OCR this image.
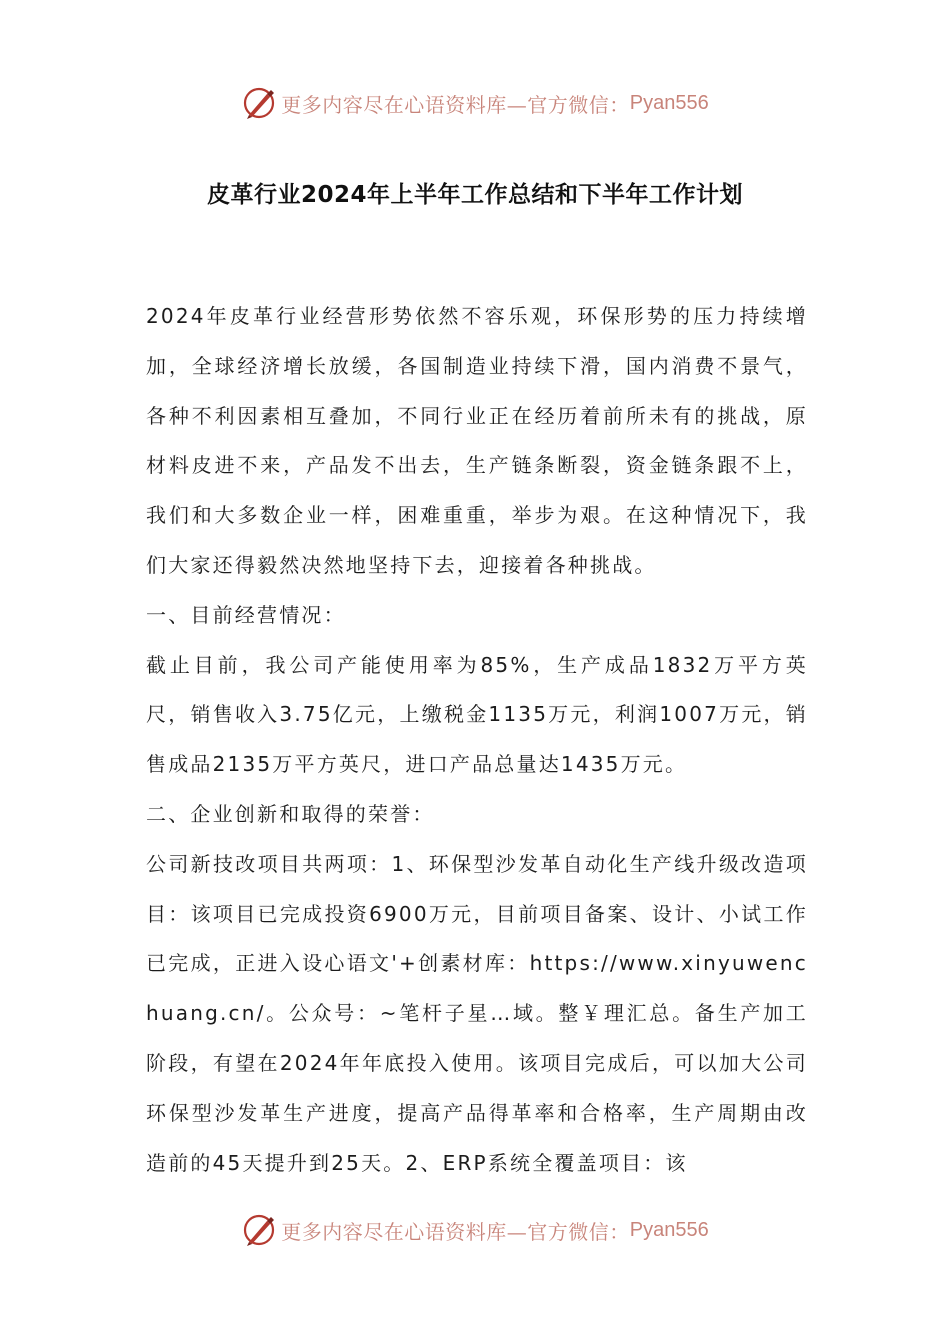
更多内容尽在心语资料库—官方微信： Pyan556
皮革行业2024年上半年工作总结和下半年工作计划

2024年皮革行业经营形势依然不容乐观，环保形势的压力持续增加，全球经济增长放缓，各国制造业持续下滑，国内消费不景气，各种不利因素相互叠加，不同行业正在经历着前所未有的挑战，原材料皮进不来，产品发不出去，生产链条断裂，资金链条跟不上，我们和大多数企业一样，困难重重，举步为艰。在这种情况下，我们大家还得毅然决然地坚持下去，迎接着各种挑战。

一、目前经营情况：

截止目前，我公司产能使用率为85%，生产成品1832万平方英尺，销售收入3.75亿元，上缴税金1135万元，利润1007万元，销售成品2135万平方英尺，进口产品总量达1435万元。

二、企业创新和取得的荣誉：

公司新技改项目共两项：1、环保型沙发革自动化生产线升级改造项目：该项目已完成投资6900万元，目前项目备案、设计、小试工作已完成，正进入设心语文'+创素材库：https://www.xinyuwenchuang.cn/。公众号：~笔杆子星…域。整￥理汇总。备生产加工阶段，有望在2024年年底投入使用。该项目完成后，可以加大公司环保型沙发革生产进度，提高产品得革率和合格率，生产周期由改造前的45天提升到25天。2、ERP系统全覆盖项目：该

更多内容尽在心语资料库—官方微信： Pyan556
